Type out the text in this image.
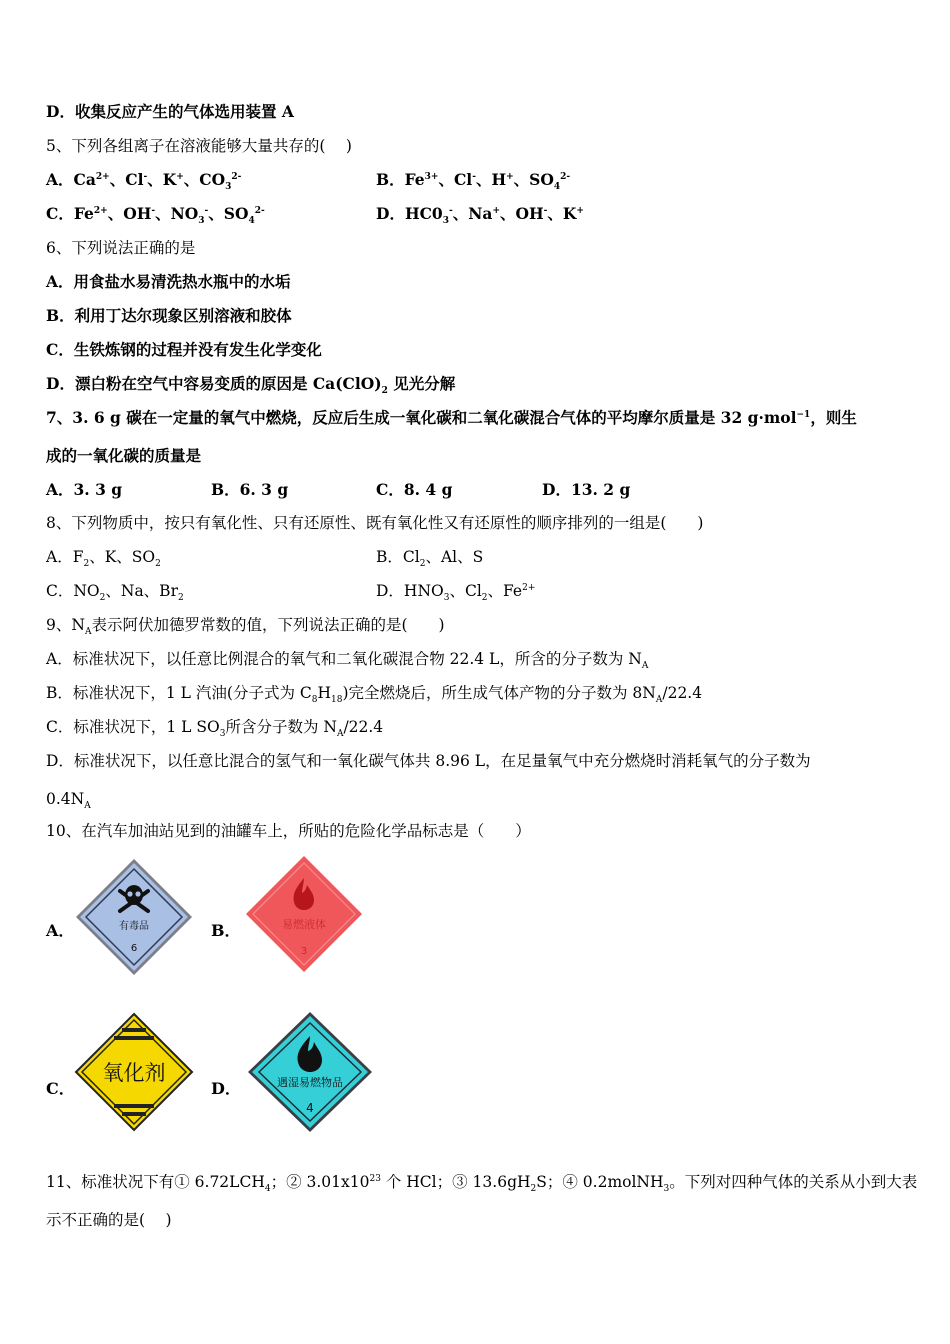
D．收集反应产生的气体选用装置 A
5、下列各组离子在溶液能够大量共存的(　 )
A．$Ca^{2+}$、Cl-、K+、$CO_3^{2-}$	B．$Fe^{3+}$、Cl-、H+、$SO_4^{2-}$
C．$Fe^{2+}$、OH-、$NO_3^-$、$SO_4^{2-}$	D．$HC0_3^-$、Na+、OH-、K+
6、下列说法正确的是
A．用食盐水易清洗热水瓶中的水垢
B．利用丁达尔现象区别溶液和胶体
C．生铁炼钢的过程并没有发生化学变化
D．漂白粉在空气中容易变质的原因是 $Ca(ClO)_2$ 见光分解
7、3. 6 g 碳在一定量的氧气中燃烧，反应后生成一氧化碳和二氧化碳混合气体的平均摩尔质量是 32 g·mol$^{-1}$，则生
成的一氧化碳的质量是
A．3. 3 g	B．6. 3 g	C．8. 4 g	D．13. 2 g
8、下列物质中，按只有氧化性、只有还原性、既有氧化性又有还原性的顺序排列的一组是(　　)
A．$F_2$、K、$SO_2$	B．$Cl_2$、Al、S
C．$NO_2$、Na、$Br_2$	D．$HNO_3$、$Cl_2$、$Fe^{2+}$
9、$N_A$表示阿伏加德罗常数的值，下列说法正确的是(　　)
A．标准状况下，以任意比例混合的氧气和二氧化碳混合物 22.4 L，所含的分子数为 $N_A$
B．标准状况下，1 L 汽油(分子式为 $C_8H_{18}$)完全燃烧后，所生成气体产物的分子数为 $8N_A/22.4$
C．标准状况下，1 L $SO_3$所含分子数为 $N_A/22.4$
D．标准状况下，以任意比混合的氢气和一氧化碳气体共 8.96 L，在足量氧气中充分燃烧时消耗氧气的分子数为
$0.4N_A$
10、在汽车加油站见到的油罐车上，所贴的危险化学品标志是（　　）
A．	B．
C．	D．
有毒品
6
易燃液体
3
氧化剂	遇湿易燃物品
4
11、标准状况下有① $6.72LCH_4$；② $3.01x10^{23}$ 个 HCl；③ $13.6gH_2S$；④ 0.2molNH$_3$。下列对四种气体的关系从小到大表
示不正确的是(　 )
